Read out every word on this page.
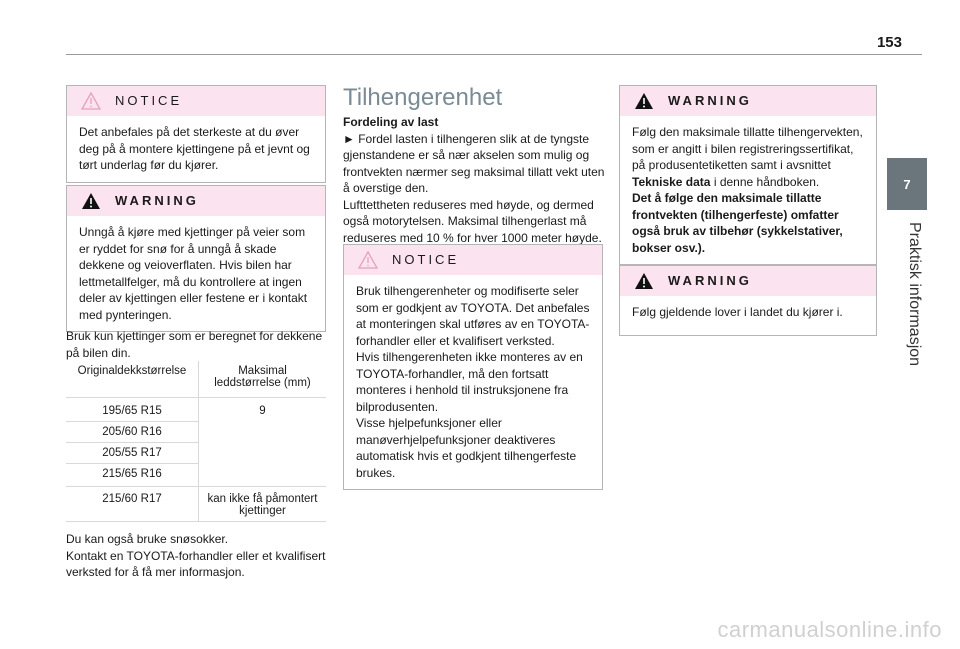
153
7
Praktisk informasjon
NOTICE
Det anbefales på det sterkeste at du øver deg på å montere kjettingene på et jevnt og tørt underlag før du kjører.
WARNING
Unngå å kjøre med kjettinger på veier som er ryddet for snø for å unngå å skade dekkene og veioverflaten. Hvis bilen har lettmetallfelger, må du kontrollere at ingen deler av kjettingen eller festene er i kontakt med pynteringen.
Bruk kun kjettinger som er beregnet for dekkene på bilen din.
Originaldekkstørrelse	Maksimal leddstørrelse (mm)
195/65 R15	9
205/60 R16	
205/55 R17	
215/65 R16	
215/60 R17	kan ikke få påmontert kjettinger
Du kan også bruke snøsokker.
Kontakt en TOYOTA-forhandler eller et kvalifisert verksted for å få mer informasjon.
Tilhengerenhet
Fordeling av last
► Fordel lasten i tilhengeren slik at de tyngste gjenstandene er så nær akselen som mulig og frontvekten nærmer seg maksimal tillatt vekt uten å overstige den.
Lufttettheten reduseres med høyde, og dermed også motorytelsen. Maksimal tilhengerlast må reduseres med 10 % for hver 1000 meter høyde.
NOTICE
Bruk tilhengerenheter og modifiserte seler som er godkjent av TOYOTA. Det anbefales at monteringen skal utføres av en TOYOTA-forhandler eller et kvalifisert verksted.
Hvis tilhengerenheten ikke monteres av en TOYOTA-forhandler, må den fortsatt monteres i henhold til instruksjonene fra bilprodusenten.
Visse hjelpefunksjoner eller manøverhjelpefunksjoner deaktiveres automatisk hvis et godkjent tilhengerfeste brukes.
WARNING
Følg den maksimale tillatte tilhengervekten, som er angitt i bilen registreringssertifikat, på produsentetiketten samt i avsnittet Tekniske data i denne håndboken.
Det å følge den maksimale tillatte frontvekten (tilhengerfeste) omfatter også bruk av tilbehør (sykkelstativer, bokser osv.).
WARNING
Følg gjeldende lover i landet du kjører i.
carmanualsonline.info
